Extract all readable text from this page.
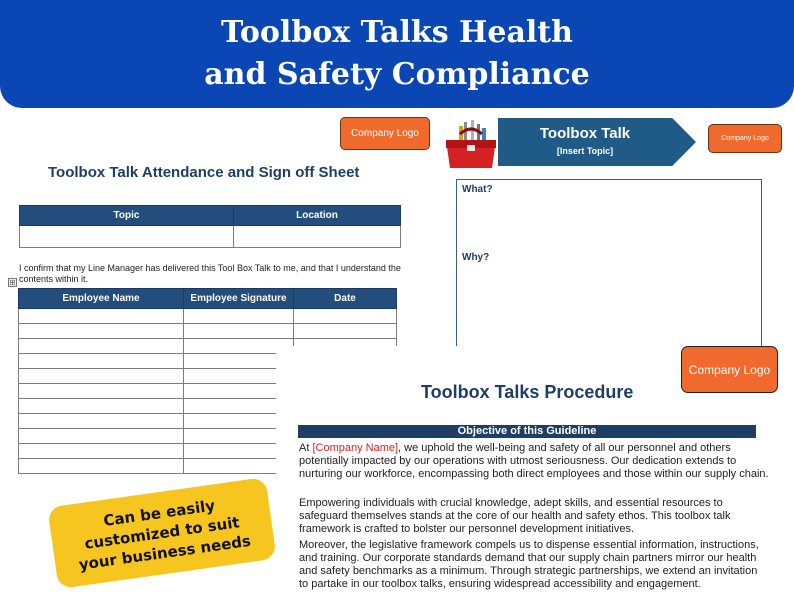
Toolbox Talks Health
and Safety Compliance
Company Logo
Toolbox Talk Attendance and Sign off Sheet
Topic	Location

I confirm that my Line Manager has delivered this Tool Box Talk to me, and that I understand the contents within it.
⊞
Employee Name	Employee Signature	Date

Toolbox Talk
[Insert Topic]
Company Logo
What?
Why?
Toolbox Talks Procedure
Objective of this Guideline
At [Company Name], we uphold the well-being and safety of all our personnel and others potentially impacted by our operations with utmost seriousness. Our dedication extends to nurturing our workforce, encompassing both direct employees and those within our supply chain.
Empowering individuals with crucial knowledge, adept skills, and essential resources to safeguard themselves stands at the core of our health and safety ethos. This toolbox talk framework is crafted to bolster our personnel development initiatives.
Moreover, the legislative framework compels us to dispense essential information, instructions, and training. Our corporate standards demand that our supply chain partners mirror our health and safety benchmarks as a minimum. Through strategic partnerships, we extend an invitation to partake in our toolbox talks, ensuring widespread accessibility and engagement.
Company Logo
Can be easily customized to suit your business needs
